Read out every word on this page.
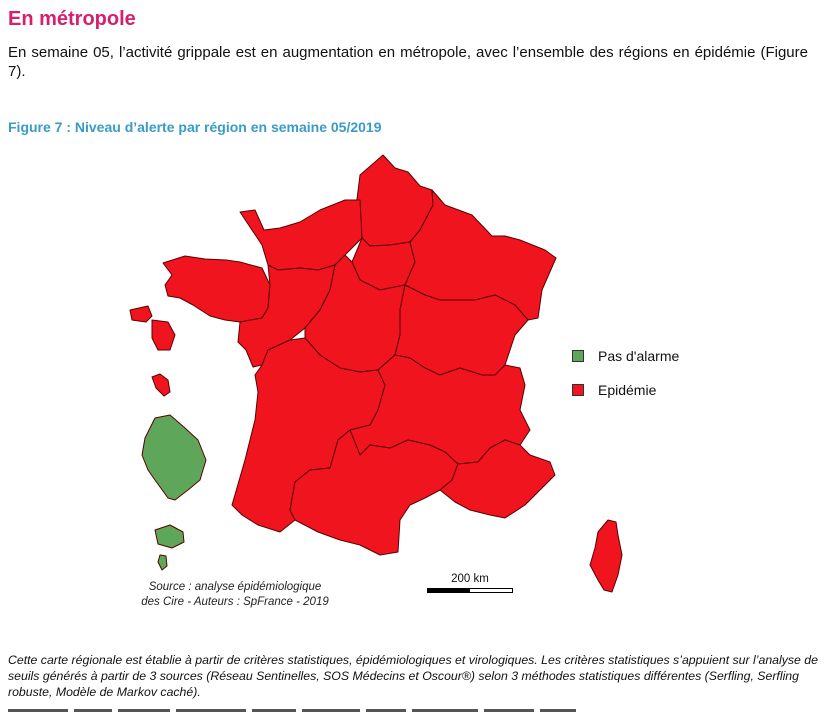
En métropole

En semaine 05, l’activité grippale est en augmentation en métropole, avec l’ensemble des régions en épidémie (Figure 7).

Figure 7 : Niveau d’alerte par région en semaine 05/2019
Pas d'alarme
Epidémie
Source : analyse épidémiologique
des Cire - Auteurs : SpFrance - 2019
200 km

Cette carte régionale est établie à partir de critères statistiques, épidémiologiques et virologiques. Les critères statistiques s’appuient sur l’analyse de seuils générés à partir de 3 sources (Réseau Sentinelles, SOS Médecins et Oscour®) selon 3 méthodes statistiques différentes (Serfling, Serfling robuste, Modèle de Markov caché).
